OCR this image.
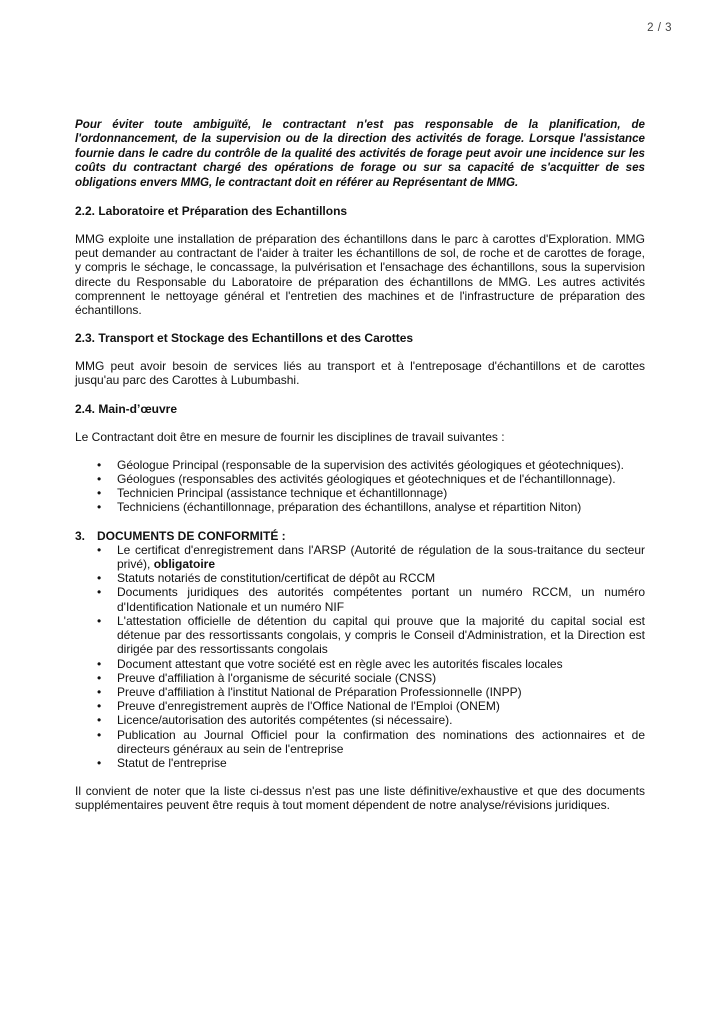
2 / 3

Pour éviter toute ambiguïté, le contractant n'est pas responsable de la planification, de l'ordonnancement, de la supervision ou de la direction des activités de forage. Lorsque l'assistance fournie dans le cadre du contrôle de la qualité des activités de forage peut avoir une incidence sur les coûts du contractant chargé des opérations de forage ou sur sa capacité de s'acquitter de ses obligations envers MMG, le contractant doit en référer au Représentant de MMG.

2.2. Laboratoire et Préparation des Echantillons

MMG exploite une installation de préparation des échantillons dans le parc à carottes d'Exploration. MMG peut demander au contractant de l'aider à traiter les échantillons de sol, de roche et de carottes de forage, y compris le séchage, le concassage, la pulvérisation et l'ensachage des échantillons, sous la supervision directe du Responsable du Laboratoire de préparation des échantillons de MMG. Les autres activités comprennent le nettoyage général et l'entretien des machines et de l'infrastructure de préparation des échantillons.

2.3. Transport et Stockage des Echantillons et des Carottes

MMG peut avoir besoin de services liés au transport et à l'entreposage d'échantillons et de carottes jusqu'au parc des Carottes à Lubumbashi.

2.4. Main-d’œuvre

Le Contractant doit être en mesure de fournir les disciplines de travail suivantes :

• Géologue Principal (responsable de la supervision des activités géologiques et géotechniques).
• Géologues (responsables des activités géologiques et géotechniques et de l'échantillonnage).
• Technicien Principal (assistance technique et échantillonnage)
• Techniciens (échantillonnage, préparation des échantillons, analyse et répartition Niton)
3. DOCUMENTS DE CONFORMITÉ :
• Le certificat d'enregistrement dans l'ARSP (Autorité de régulation de la sous-traitance du secteur privé), obligatoire
• Statuts notariés de constitution/certificat de dépôt au RCCM
• Documents juridiques des autorités compétentes portant un numéro RCCM, un numéro d'Identification Nationale et un numéro NIF
• L'attestation officielle de détention du capital qui prouve que la majorité du capital social est détenue par des ressortissants congolais, y compris le Conseil d'Administration, et la Direction est dirigée par des ressortissants congolais
• Document attestant que votre société est en règle avec les autorités fiscales locales
• Preuve d'affiliation à l'organisme de sécurité sociale (CNSS)
• Preuve d'affiliation à l'institut National de Préparation Professionnelle (INPP)
• Preuve d'enregistrement auprès de l'Office National de l'Emploi (ONEM)
• Licence/autorisation des autorités compétentes (si nécessaire).
• Publication au Journal Officiel pour la confirmation des nominations des actionnaires et de directeurs généraux au sein de l'entreprise
• Statut de l'entreprise

Il convient de noter que la liste ci-dessus n'est pas une liste définitive/exhaustive et que des documents supplémentaires peuvent être requis à tout moment dépendent de notre analyse/révisions juridiques.
